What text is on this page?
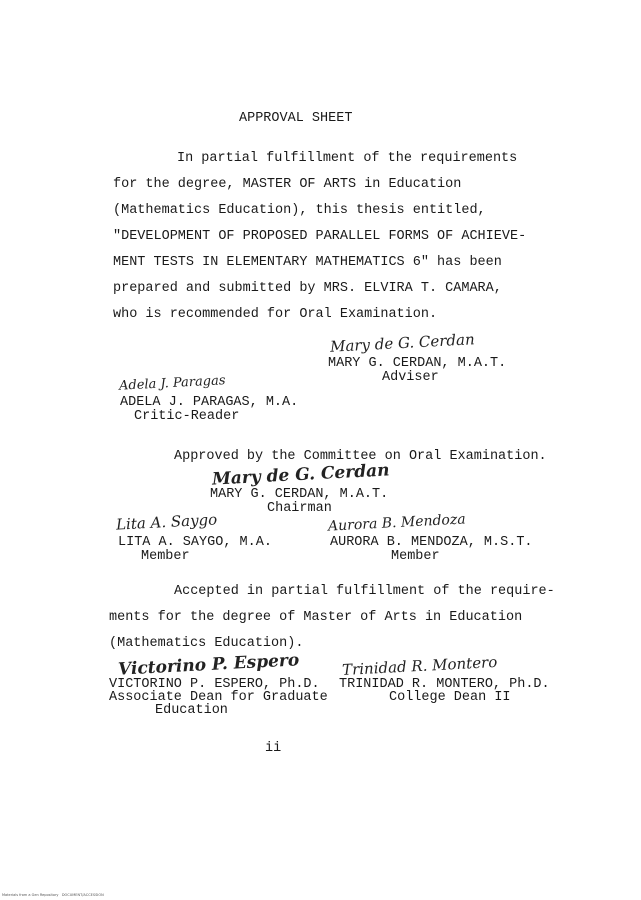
APPROVAL SHEET
In partial fulfillment of the requirements
for the degree, MASTER OF ARTS in Education
(Mathematics Education), this thesis entitled,
"DEVELOPMENT OF PROPOSED PARALLEL FORMS OF ACHIEVE-
MENT TESTS IN ELEMENTARY MATHEMATICS 6" has been
prepared and submitted by MRS. ELVIRA T. CAMARA,
who is recommended for Oral Examination.
Mary de G. Cerdan
MARY G. CERDAN, M.A.T.
Adviser
Adela J. Paragas
ADELA J. PARAGAS, M.A.
Critic-Reader
Approved by the Committee on Oral Examination.
Mary de G. Cerdan
MARY G. CERDAN, M.A.T.
Chairman
Lita A. Saygo
LITA A. SAYGO, M.A.
Member
Aurora B. Mendoza
AURORA B. MENDOZA, M.S.T.
Member
Accepted in partial fulfillment of the require-
ments for the degree of Master of Arts in Education
(Mathematics Education).
Victorino P. Espero
VICTORINO P. ESPERO, Ph.D.
Associate Dean for Graduate
Education
Trinidad R. Montero
TRINIDAD R. MONTERO, Ph.D.
College Dean II
ii
Materials from a Gen Repository   DOCUMENT/ACCESSION
